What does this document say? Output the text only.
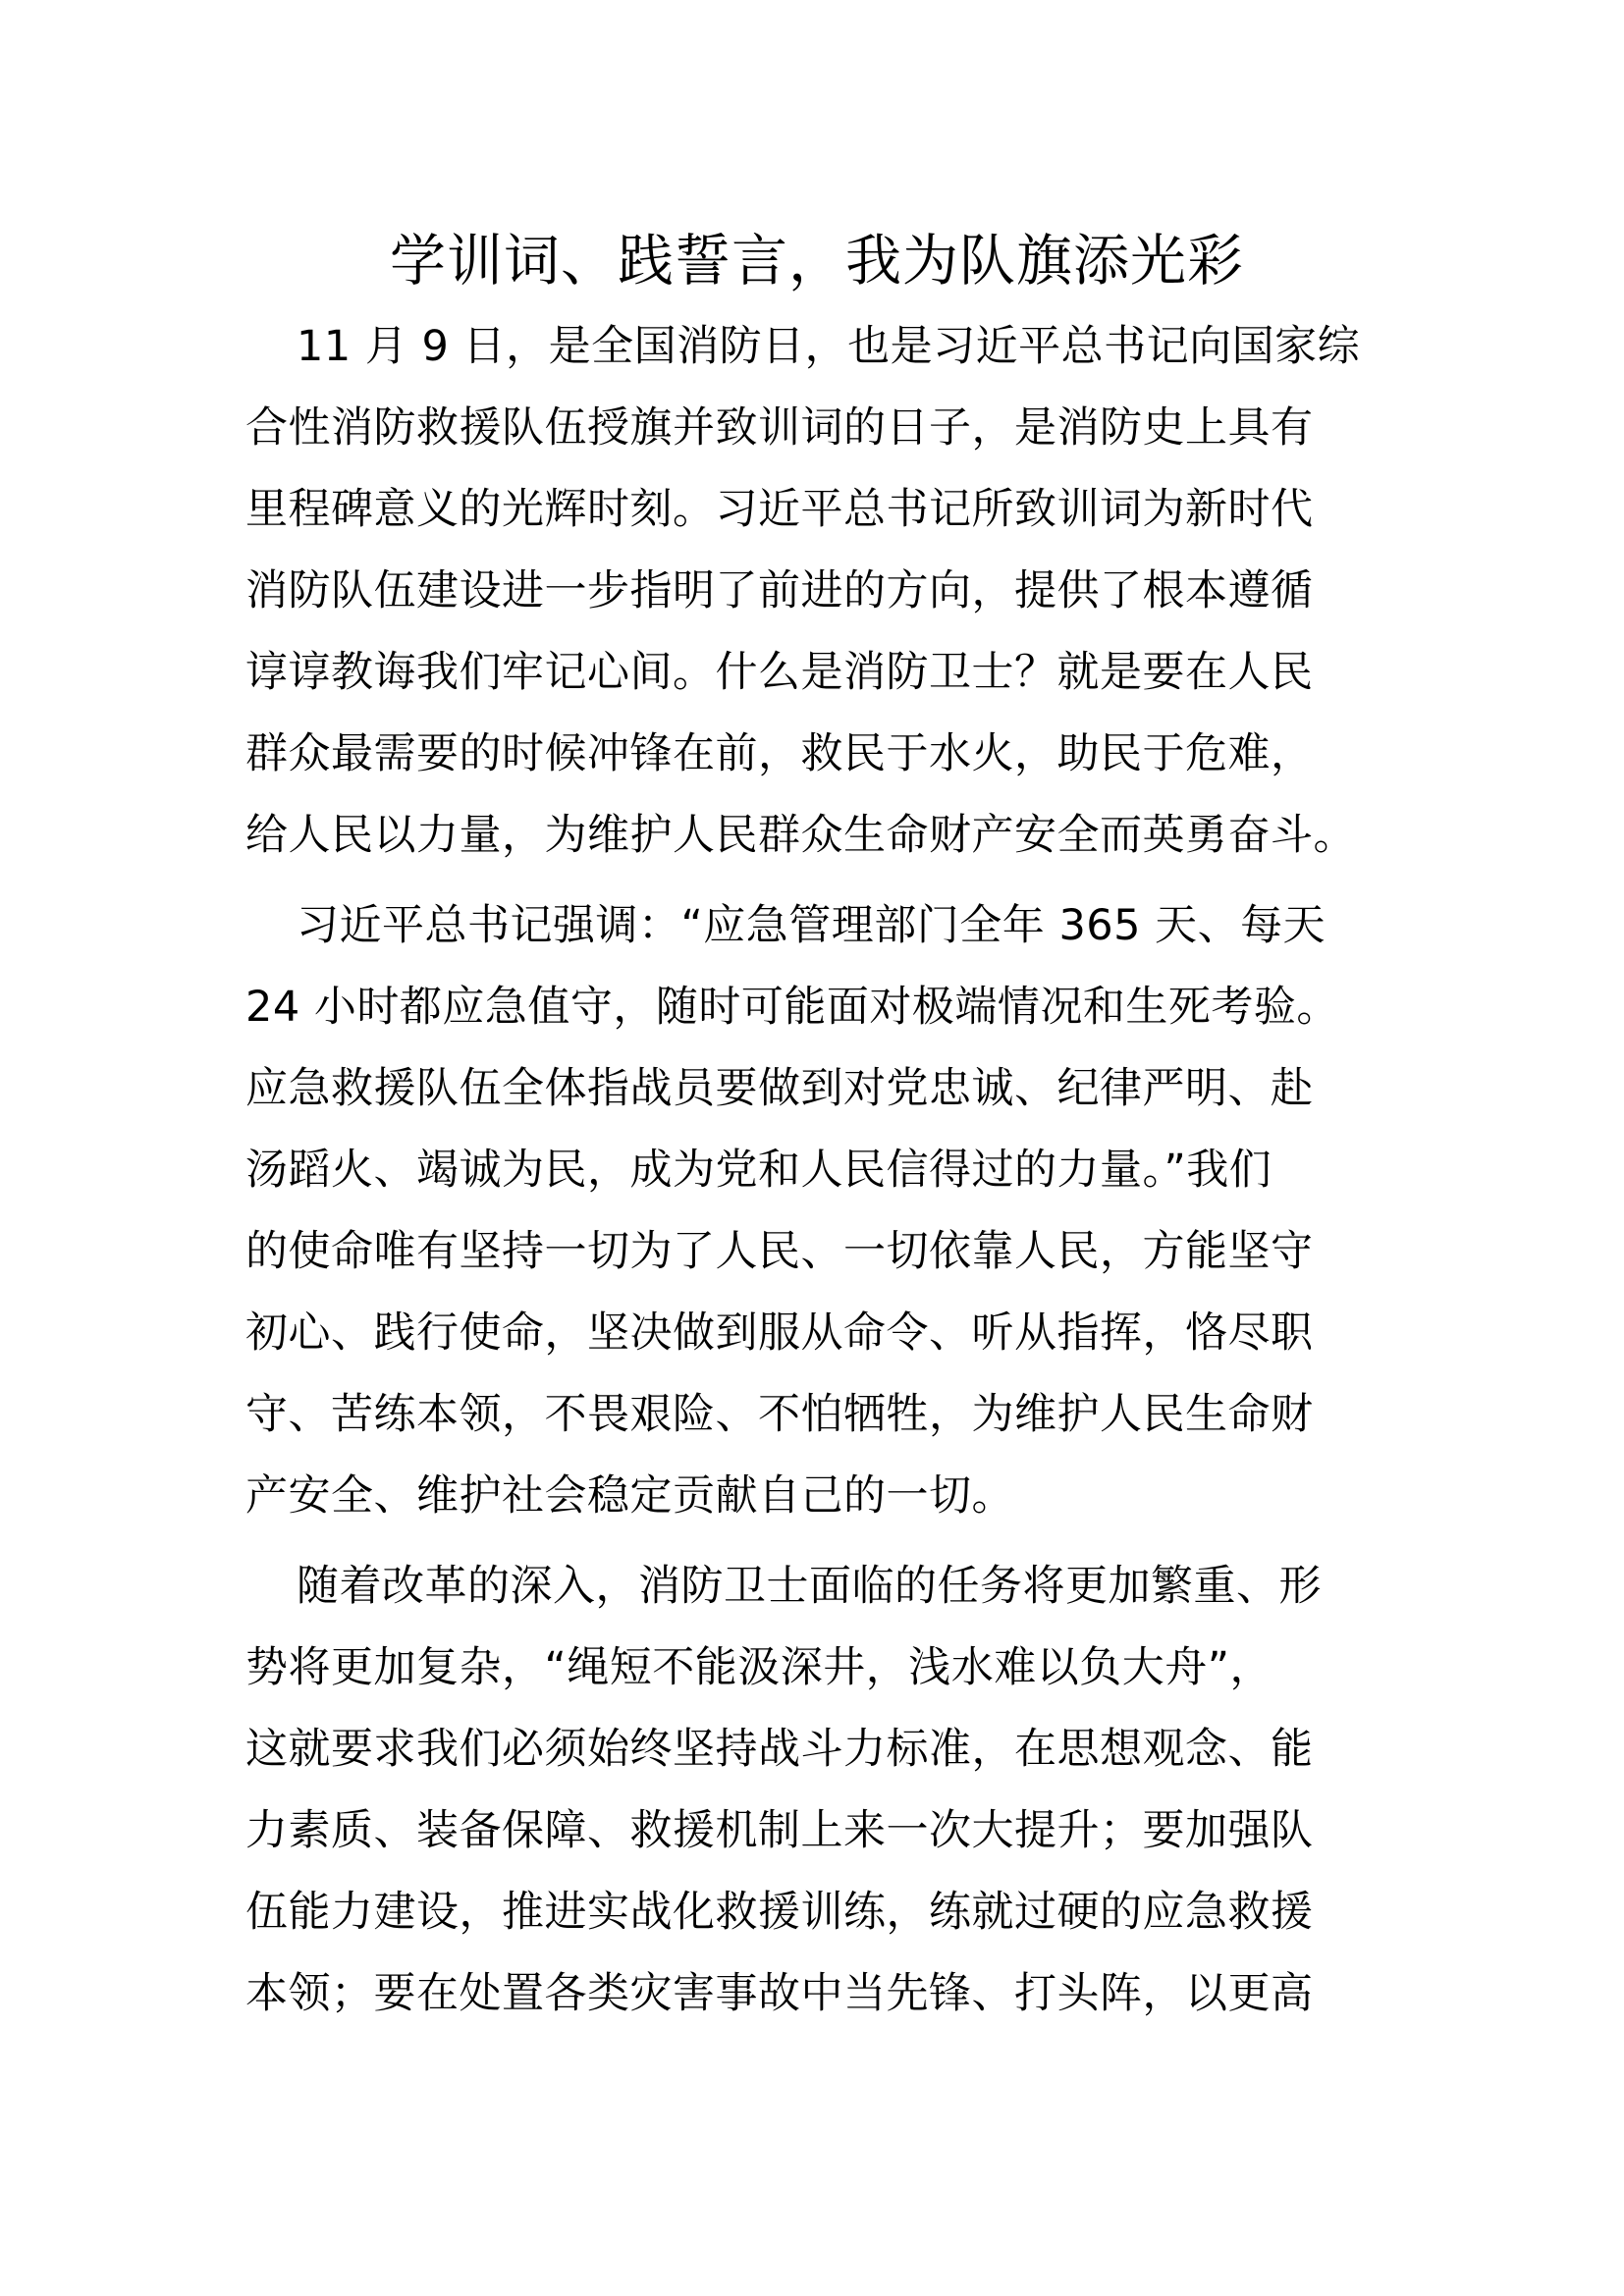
学训词、践誓言，我为队旗添光彩

11 月 9 日，是全国消防日，也是习近平总书记向国家综
合性消防救援队伍授旗并致训词的日子，是消防史上具有
里程碑意义的光辉时刻。习近平总书记所致训词为新时代
消防队伍建设进一步指明了前进的方向，提供了根本遵循
谆谆教诲我们牢记心间。什么是消防卫士？就是要在人民
群众最需要的时候冲锋在前，救民于水火，助民于危难，
给人民以力量，为维护人民群众生命财产安全而英勇奋斗。

习近平总书记强调：“应急管理部门全年 365 天、每天
24 小时都应急值守，随时可能面对极端情况和生死考验。
应急救援队伍全体指战员要做到对党忠诚、纪律严明、赴
汤蹈火、竭诚为民，成为党和人民信得过的力量。”我们
的使命唯有坚持一切为了人民、一切依靠人民，方能坚守
初心、践行使命，坚决做到服从命令、听从指挥，恪尽职
守、苦练本领，不畏艰险、不怕牺牲，为维护人民生命财
产安全、维护社会稳定贡献自己的一切。

随着改革的深入，消防卫士面临的任务将更加繁重、形
势将更加复杂，“绳短不能汲深井，浅水难以负大舟”，
这就要求我们必须始终坚持战斗力标准，在思想观念、能
力素质、装备保障、救援机制上来一次大提升；要加强队
伍能力建设，推进实战化救援训练，练就过硬的应急救援
本领；要在处置各类灾害事故中当先锋、打头阵，以更高
